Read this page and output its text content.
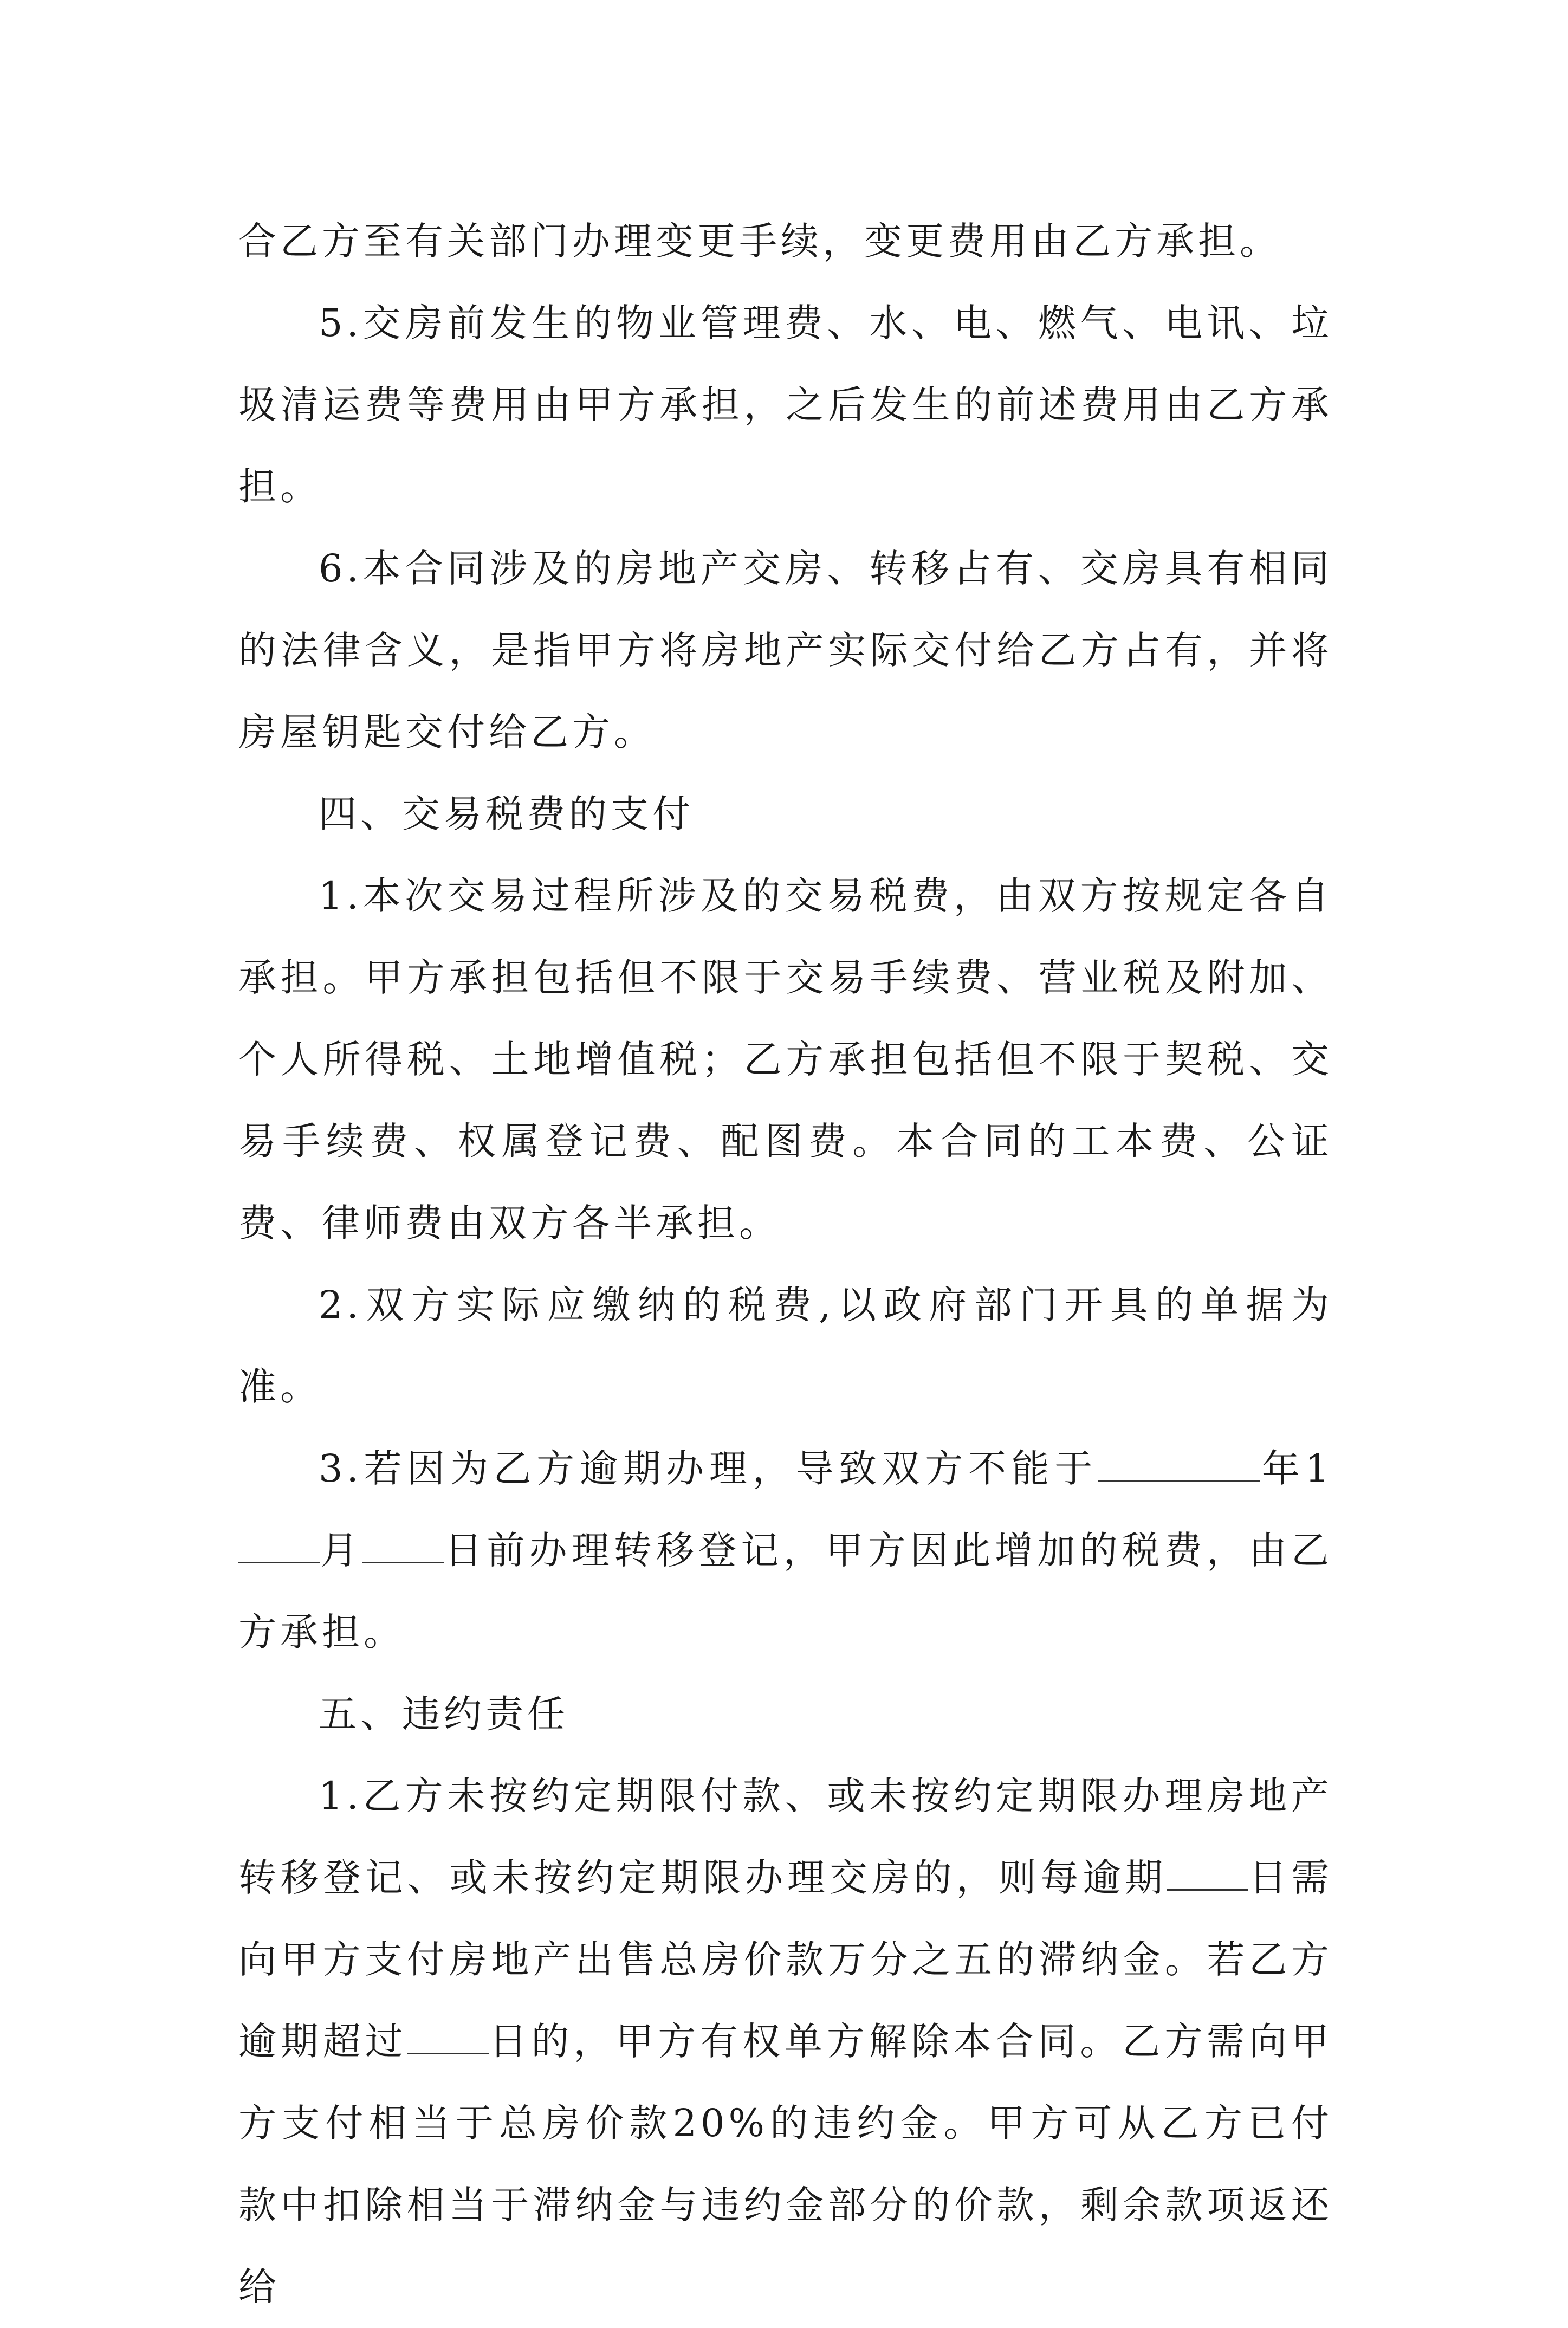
合乙方至有关部门办理变更手续，变更费用由乙方承担。

5.交房前发生的物业管理费、水、电、燃气、电讯、垃圾清运费等费用由甲方承担，之后发生的前述费用由乙方承担。

6.本合同涉及的房地产交房、转移占有、交房具有相同的法律含义，是指甲方将房地产实际交付给乙方占有，并将房屋钥匙交付给乙方。

四、交易税费的支付

1.本次交易过程所涉及的交易税费，由双方按规定各自承担。甲方承担包括但不限于交易手续费、营业税及附加、个人所得税、土地增值税；乙方承担包括但不限于契税、交易手续费、权属登记费、配图费。本合同的工本费、公证费、律师费由双方各半承担。

2.双方实际应缴纳的税费,以政府部门开具的单据为准。

3.若因为乙方逾期办理，导致双方不能于	年1月 日前办理转移登记，甲方因此增加的税费，由乙方承担。

五、违约责任

1.乙方未按约定期限付款、或未按约定期限办理房地产转移登记、或未按约定期限办理交房的，则每逾期 日需向甲方支付房地产出售总房价款万分之五的滞纳金。若乙方逾期超过 日的，甲方有权单方解除本合同。乙方需向甲方支付相当于总房价款20%的违约金。甲方可从乙方已付款中扣除相当于滞纳金与违约金部分的价款，剩余款项返还给
